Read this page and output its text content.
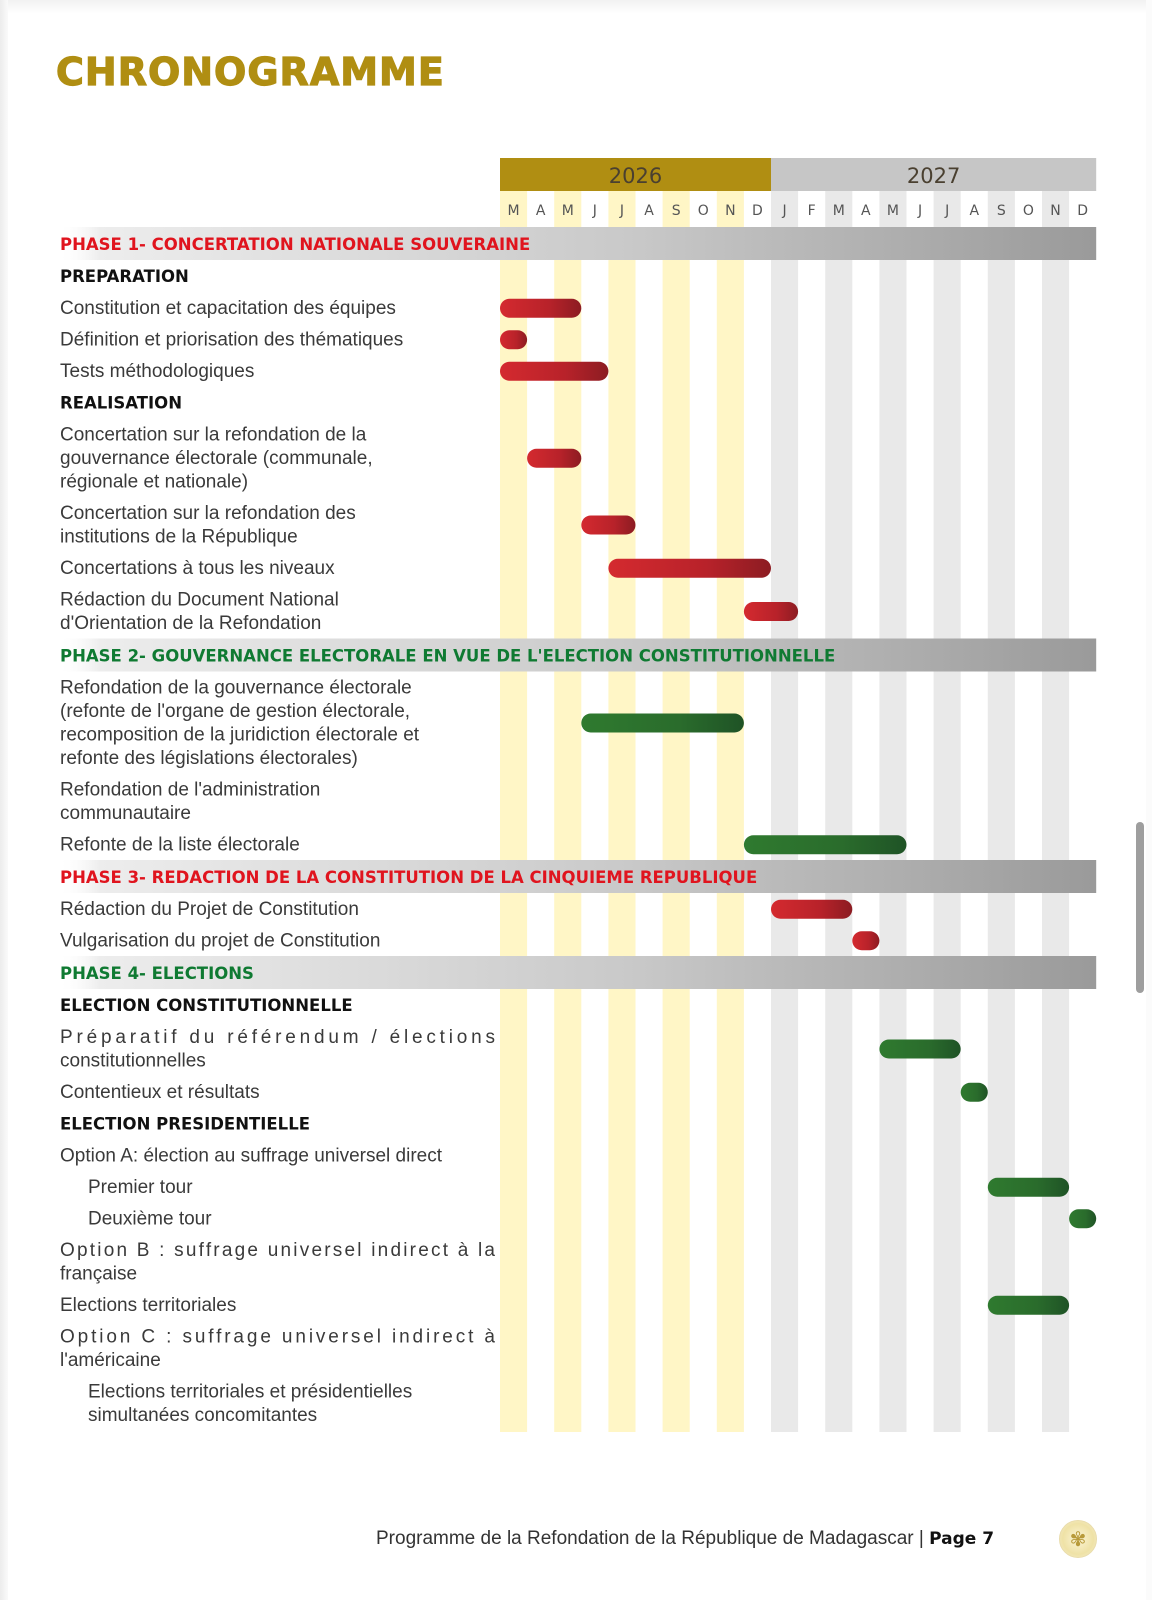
CHRONOGRAMME
2026	2027
M A M J J A S O N D J F M A M J J A S O N D
PHASE 1- CONCERTATION NATIONALE SOUVERAINE
PREPARATION
Constitution et capacitation des équipes
Définition et priorisation des thématiques
Tests méthodologiques
REALISATION
Concertation sur la refondation de la
gouvernance électorale (communale,
régionale et nationale)
Concertation sur la refondation des
institutions de la République
Concertations à tous les niveaux
Rédaction du Document National
d'Orientation de la Refondation
PHASE 2- GOUVERNANCE ELECTORALE EN VUE DE L'ELECTION CONSTITUTIONNELLE
Refondation de la gouvernance électorale
(refonte de l'organe de gestion électorale,
recomposition de la juridiction électorale et
refonte des législations électorales)
Refondation de l'administration
communautaire
Refonte de la liste électorale
PHASE 3- REDACTION DE LA CONSTITUTION DE LA CINQUIEME REPUBLIQUE
Rédaction du Projet de Constitution
Vulgarisation du projet de Constitution
PHASE 4- ELECTIONS
ELECTION CONSTITUTIONNELLE
Préparatif du référendum / élections
constitutionnelles
Contentieux et résultats
ELECTION PRESIDENTIELLE
Option A: élection au suffrage universel direct
Premier tour
Deuxième tour
Option B : suffrage universel indirect à la
française
Elections territoriales
Option C : suffrage universel indirect à
l'américaine
Elections territoriales et présidentielles
simultanées concomitantes
Programme de la Refondation de la République de Madagascar | Page 7	✾
